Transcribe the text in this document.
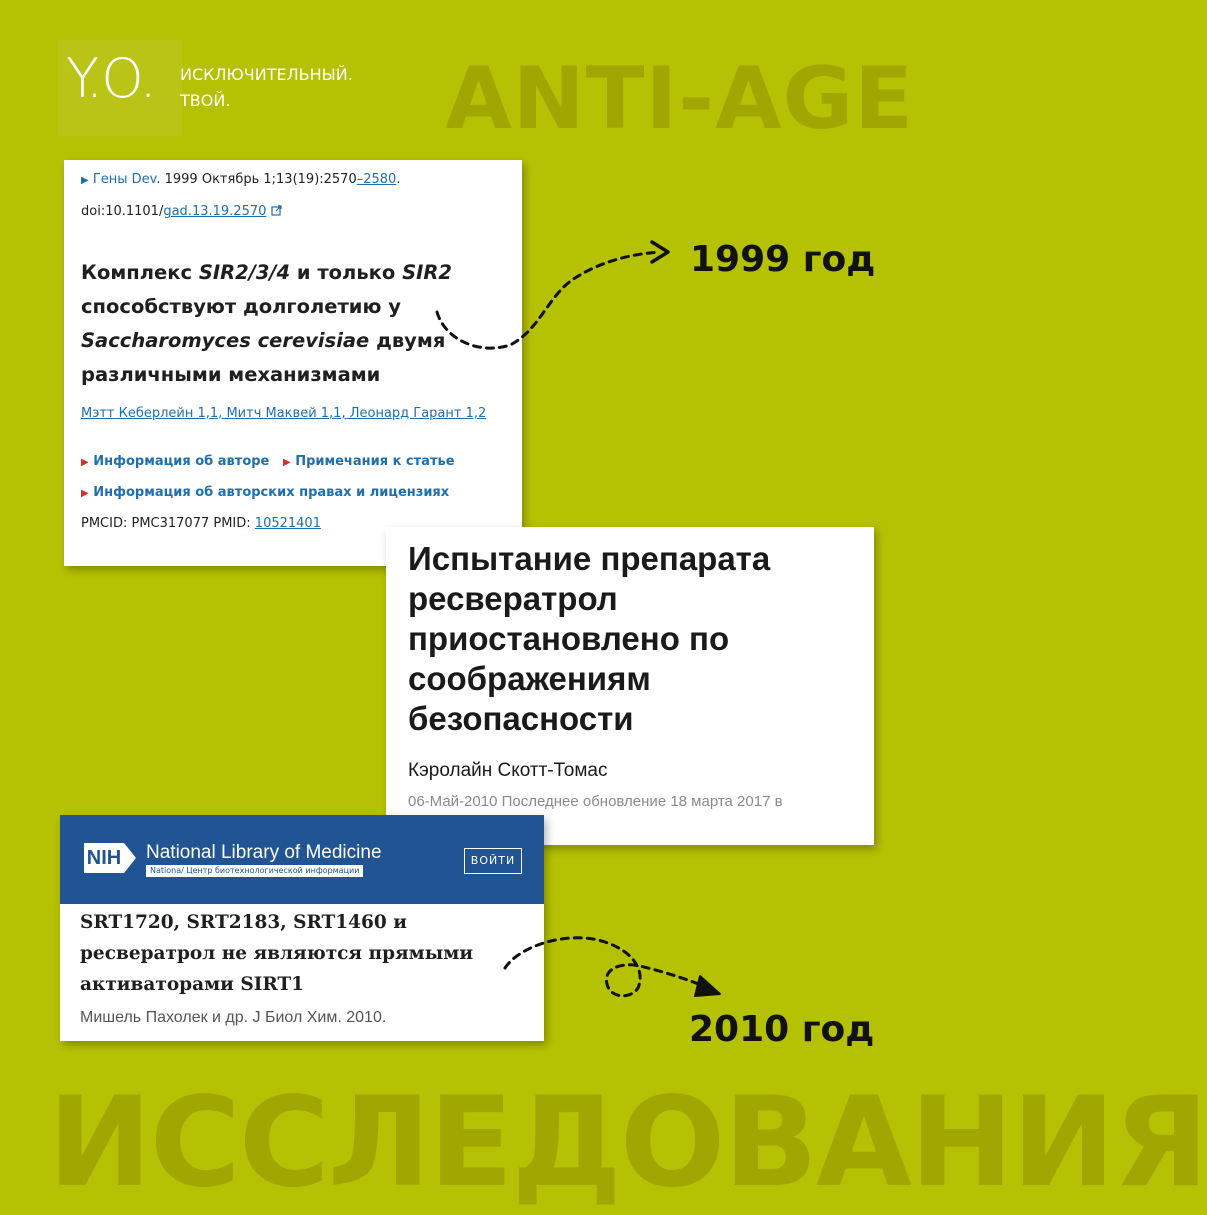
Y.O. ИСКЛЮЧИТЕЛЬНЫЙ.
ТВОЙ.	ANTI-AGE
▶ Гены Dev. 1999 Октябрь 1;13(19):2570–2580.
doi:10.1101/gad.13.19.2570
Комплекс SIR2/3/4 и только SIR2 способствуют долголетию у Saccharomyces cerevisiae двумя различными механизмами
Мэтт Кеберлейн 1,1, Митч Маквей 1,1, Леонард Гарант 1,2
▶ Информация об авторе ▶ Примечания к статье
▶ Информация об авторских правах и лицензиях
PMCID: PMC317077 PMID: 10521401
Испытание препарата ресвератрол приостановлено по соображениям безопасности
Кэролайн Скотт-Томас
06-Май-2010 Последнее обновление 18 марта 2017 в
NIH National Library of Medicine
Nationa/ Центр биотехнологической информации
ВОЙТИ
SRT1720, SRT2183, SRT1460 и ресвератрол не являются прямыми активаторами SIRT1
Мишель Пахолек и др. J Биол Хим. 2010.
1999 год
2010 год
ИССЛЕДОВАНИЯ
